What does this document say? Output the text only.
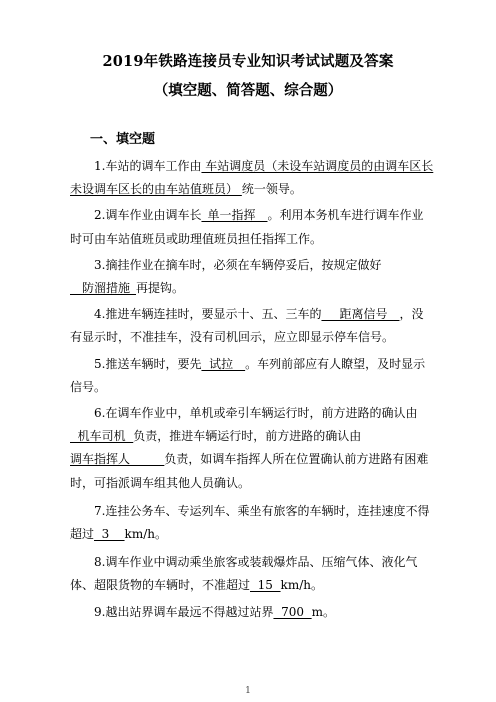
2019年铁路连接员专业知识考试试题及答案
（填空题、简答题、综合题）
一、填空题

1.车站的调车工作由 车站调度员（未设车站调度员的由调车区长未设调车区长的由车站值班员） 统一领导。

2.调车作业由调车长_单一指挥__。利用本务机车进行调车作业时可由车站值班员或助理值班员担任指挥工作。

3.摘挂作业在摘车时，必须在车辆停妥后，按规定做好__防溜措施_再提钩。

4.推进车辆连挂时，要显示十、五、三车的___距离信号__，没有显示时，不准挂车，没有司机回示，应立即显示停车信号。

5.推送车辆时，要先  试拉__。车列前部应有人瞭望，及时显示信号。

6.在调车作业中，单机或牵引车辆运行时，前方进路的确认由  机车司机  负责，推进车辆运行时，前方进路的确认由调车指挥人         负责，如调车指挥人所在位置确认前方进路有困难时，可指派调车组其他人员确认。

7.连挂公务车、专运列车、乘坐有旅客的车辆时，连挂速度不得超过  3    km/h。

8.调车作业中调动乘坐旅客或装载爆炸品、压缩气体、液化气体、超限货物的车辆时，不准超过  15  km/h。

9.越出站界调车最远不得越过站界  700  m。

1
